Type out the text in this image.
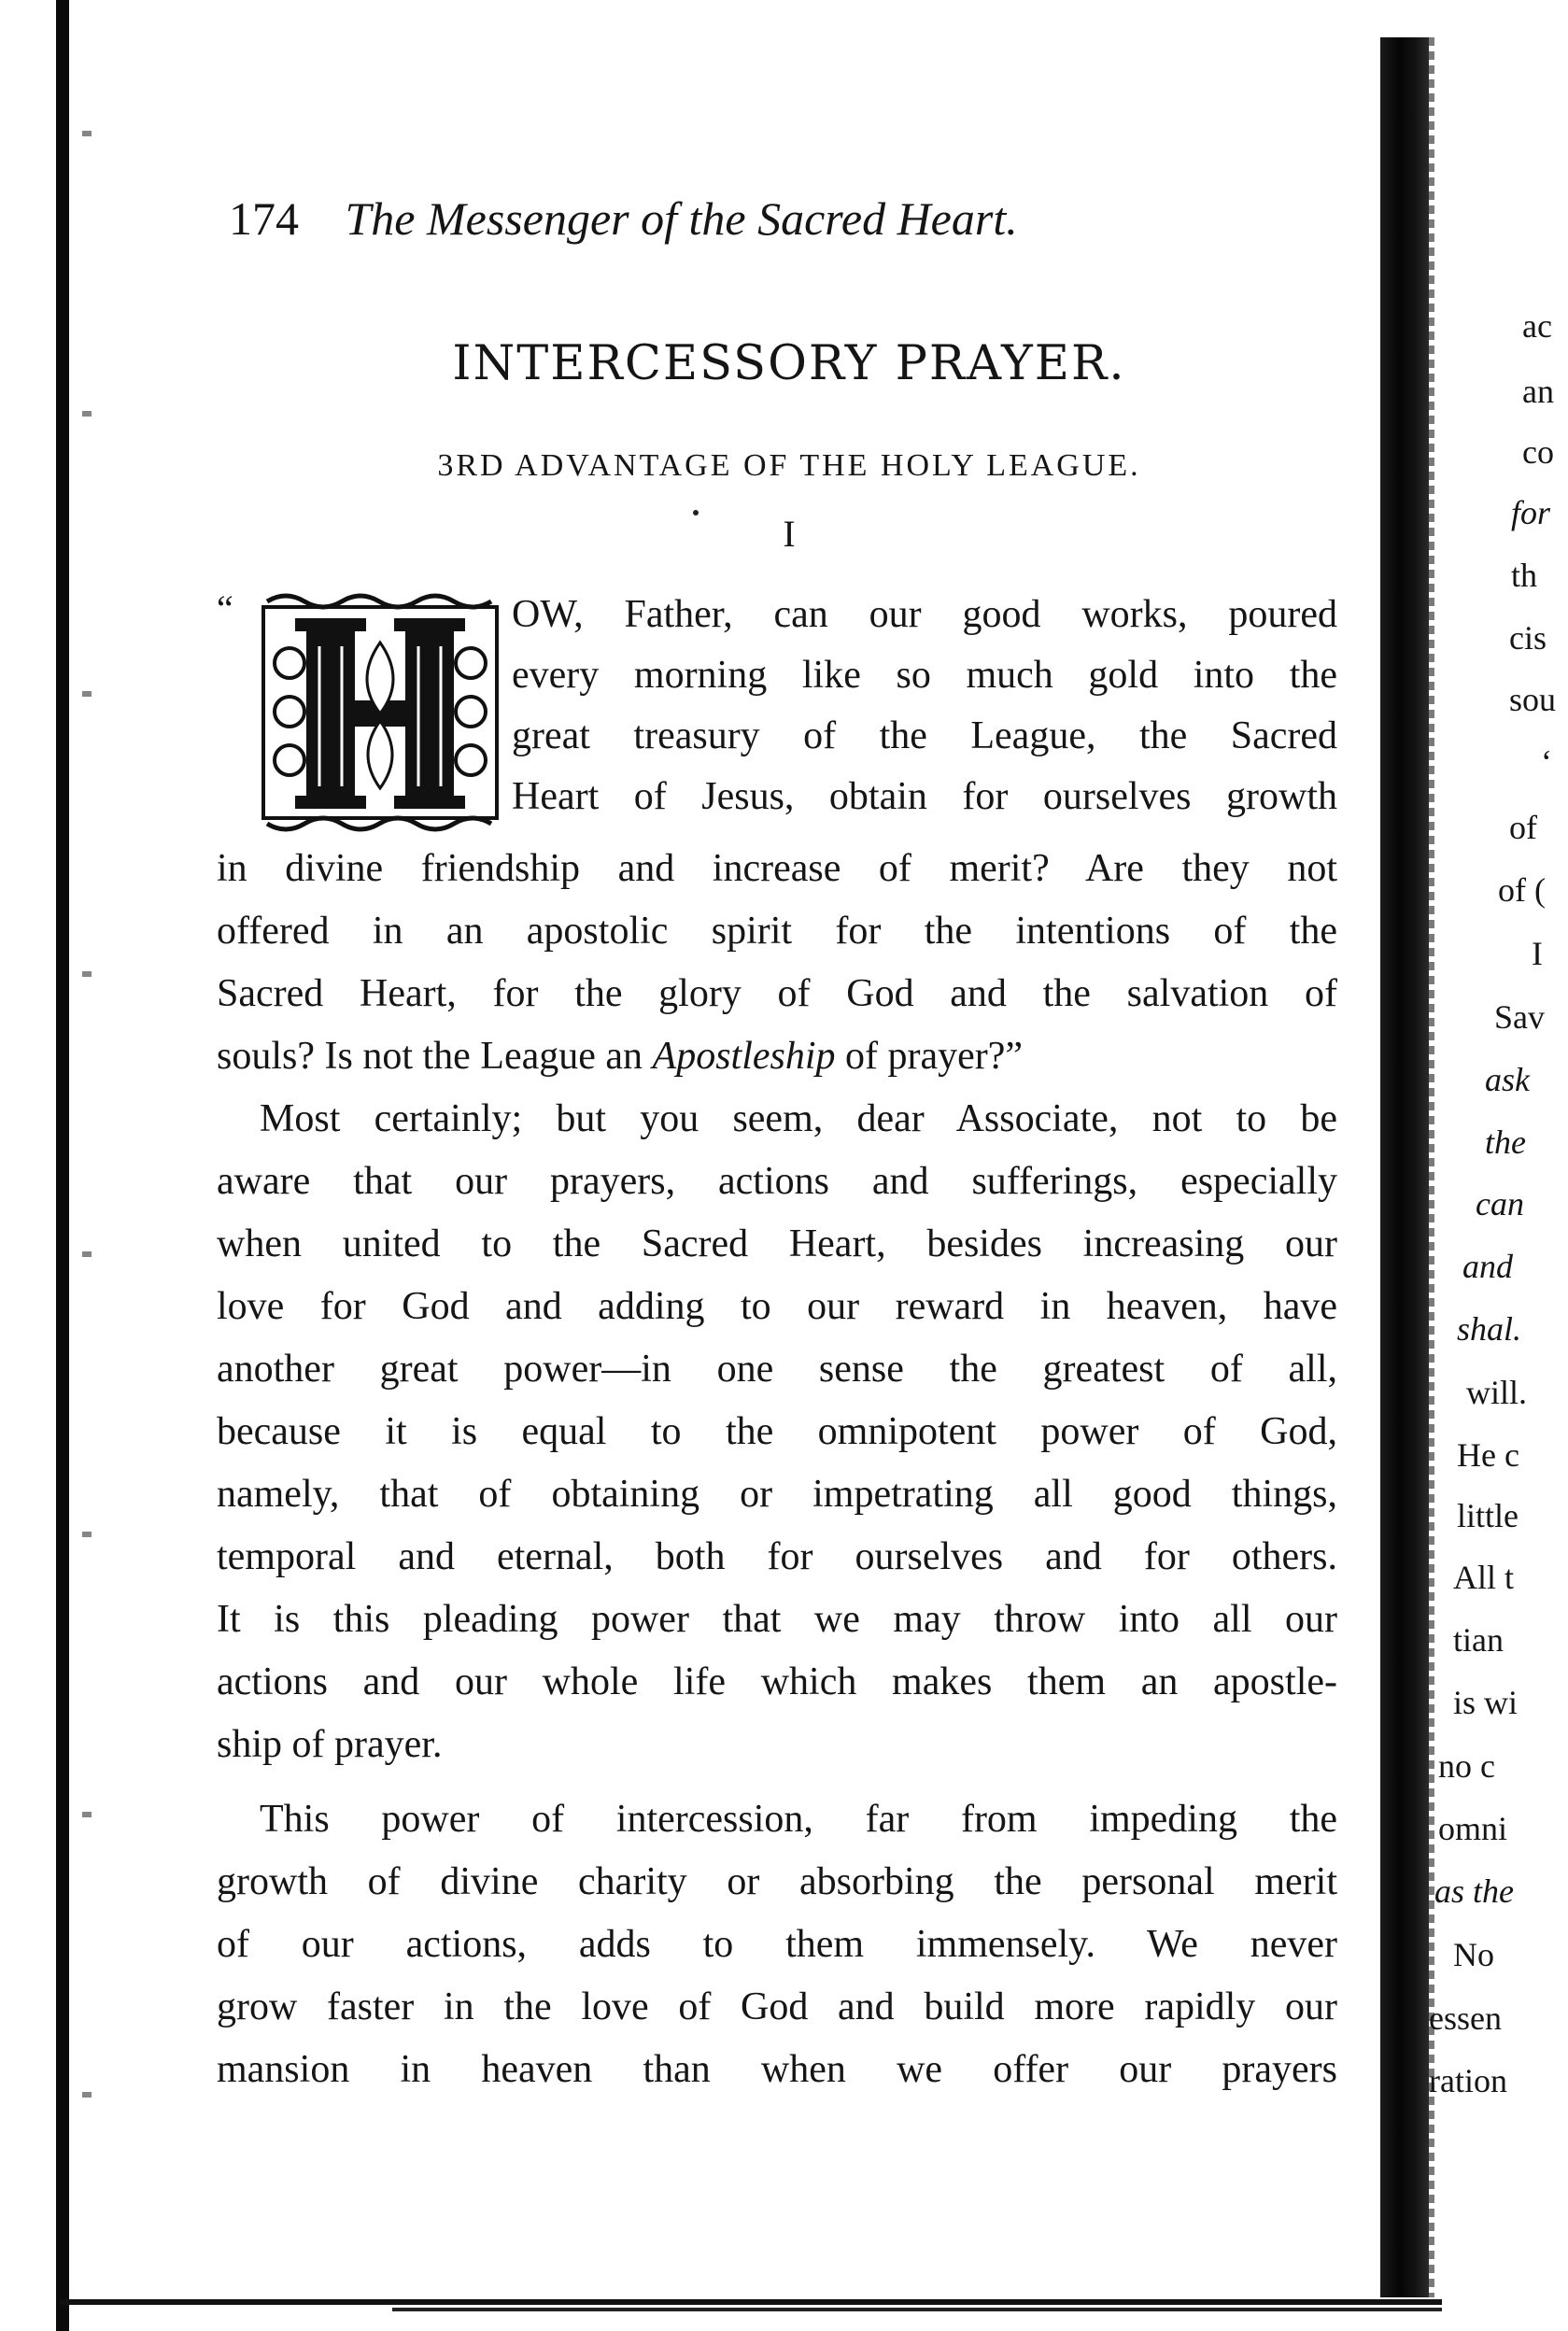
174 The Messenger of the Sacred Heart.
INTERCESSORY PRAYER.
3RD ADVANTAGE OF THE HOLY LEAGUE.
I
“	OW, Father, can our good works, poured
every morning like so much gold into the
great treasury of the League, the Sacred
Heart of Jesus, obtain for ourselves growth
in divine friendship and increase of merit? Are they not
offered in an apostolic spirit for the intentions of the
Sacred Heart, for the glory of God and the salvation of
souls? Is not the League an Apostleship of prayer?”
Most certainly; but you seem, dear Associate, not to be
aware that our prayers, actions and sufferings, especially
when united to the Sacred Heart, besides increasing our
love for God and adding to our reward in heaven, have
another great power—in one sense the greatest of all,
because it is equal to the omnipotent power of God,
namely, that of obtaining or impetrating all good things,
temporal and eternal, both for ourselves and for others.
It is this pleading power that we may throw into all our
actions and our whole life which makes them an apostle-
ship of prayer.
This power of intercession, far from impeding the
growth of divine charity or absorbing the personal merit
of our actions, adds to them immensely. We never
grow faster in the love of God and build more rapidly our
mansion in heaven than when we offer our prayers
ac
an
co
for
th
cis
sou
‘
of
of (
I
Sav
ask
the
can
and
shal.
will.
He c
little
All t
tian
is wi
no c
omni
as the
No
essen
ration
